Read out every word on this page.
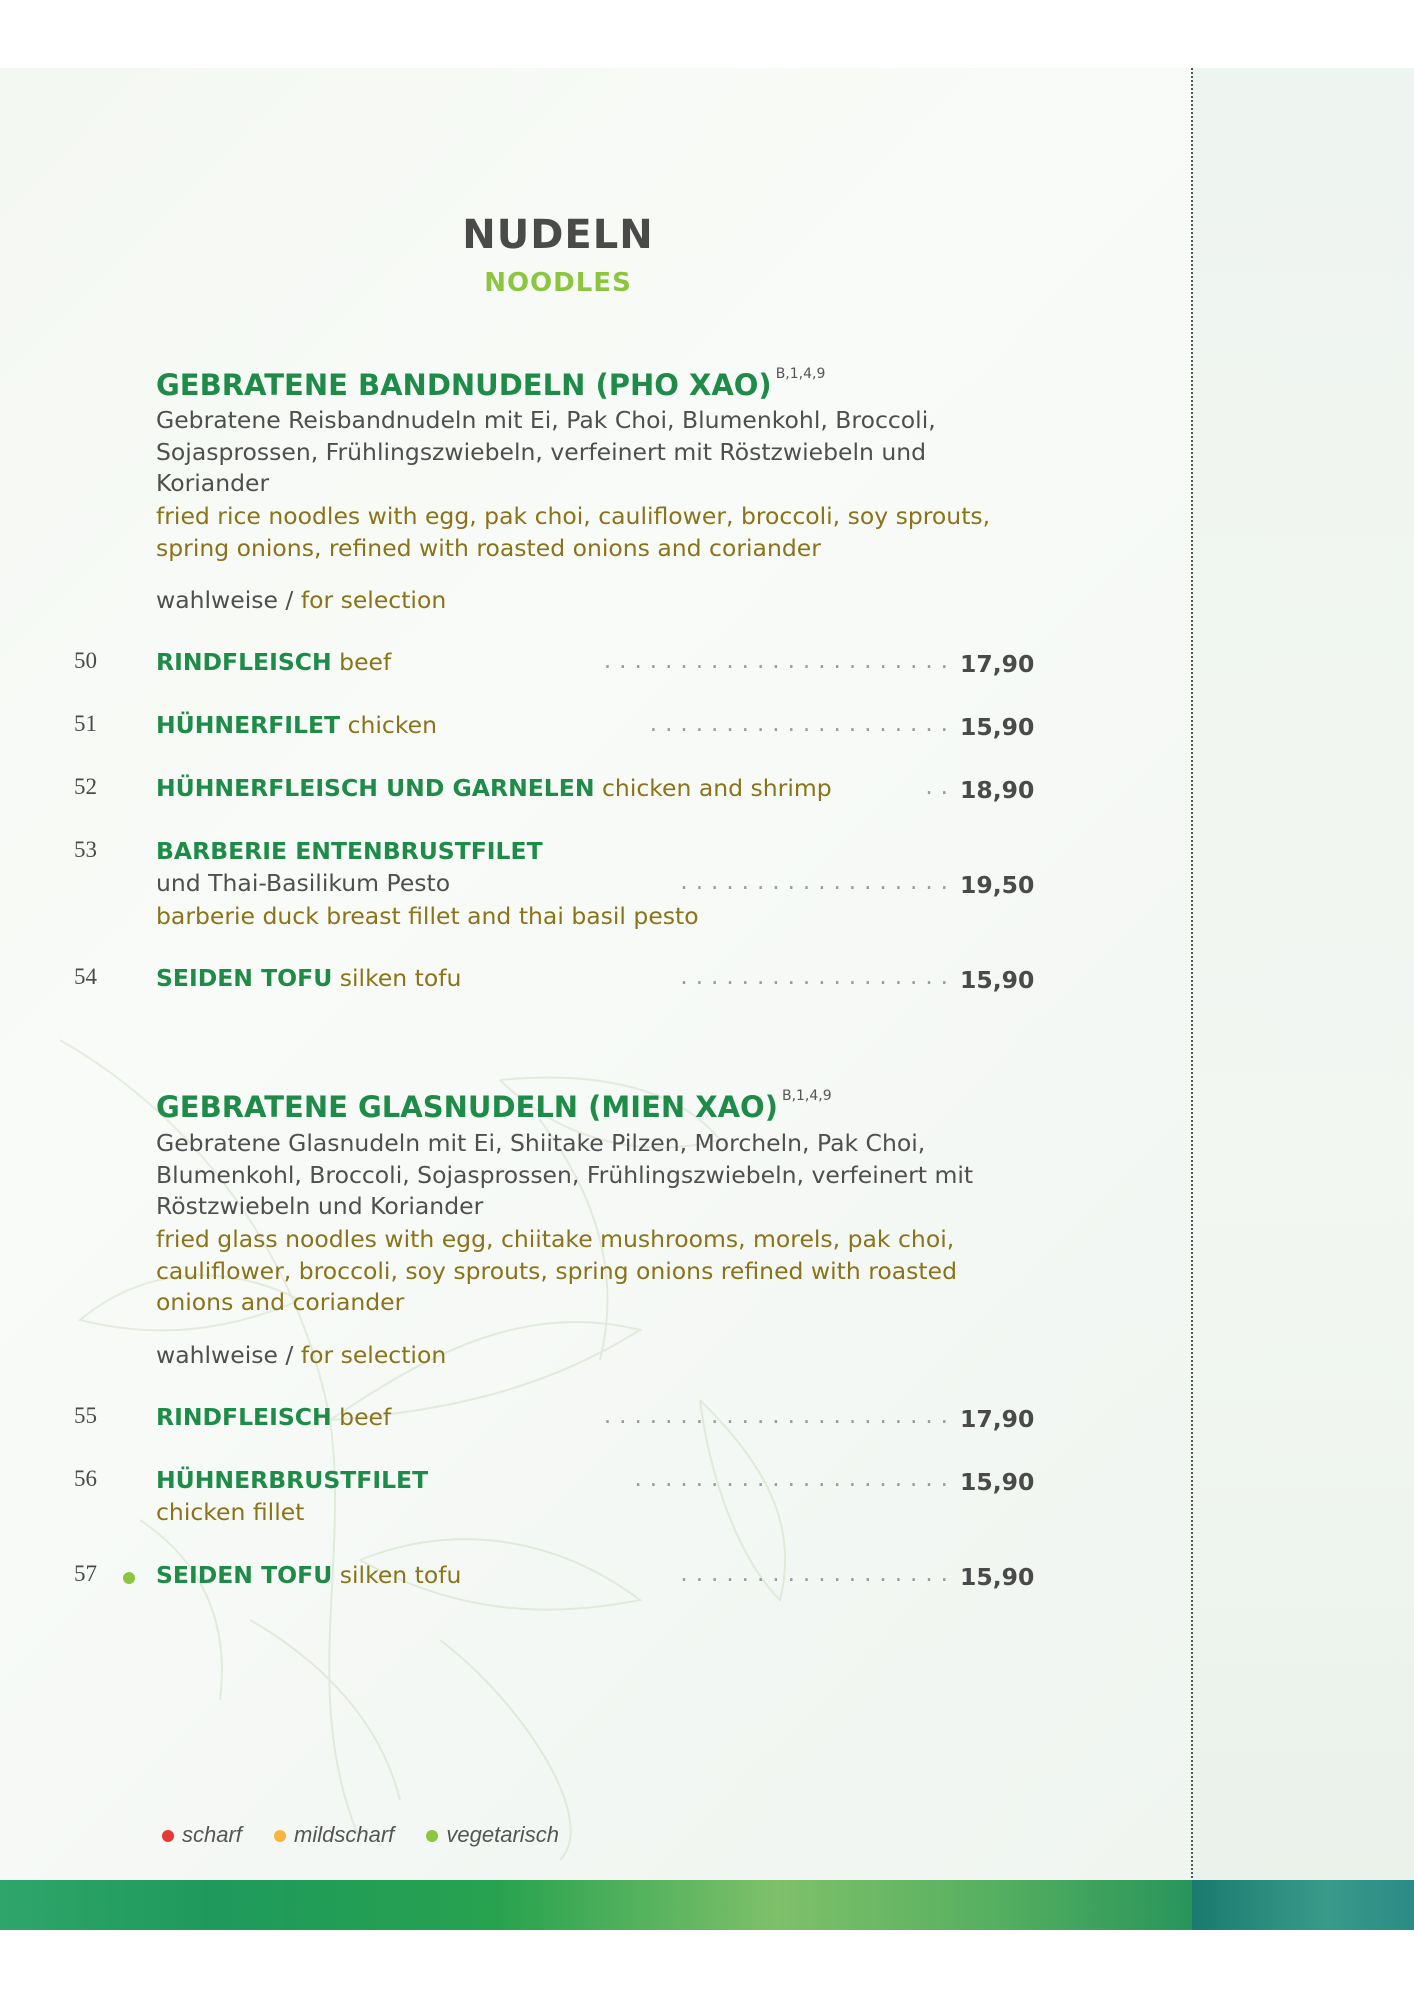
NUDELN
NOODLES
GEBRATENE BANDNUDELN (PHO XAO) $^{B,1,4,9}$
Gebratene Reisbandnudeln mit Ei, Pak Choi, Blumenkohl, Broccoli, Sojasprossen, Frühlingszwiebeln, verfeinert mit Röstzwiebeln und Koriander
fried rice noodles with egg, pak choi, cauliflower, broccoli, soy sprouts, spring onions, refined with roasted onions and coriander
wahlweise / for selection
50	RINDFLEISCH beef	....................... 17,90
51	HÜHNERFILET chicken	.................... 15,90
52	HÜHNERFLEISCH UND GARNELEN chicken and shrimp	.. 18,90
53	BARBERIE ENTENBRUSTFILET
und Thai-Basilikum Pesto	.................. 19,50
barberie duck breast fillet and thai basil pesto
54	SEIDEN TOFU silken tofu	.................. 15,90
GEBRATENE GLASNUDELN (MIEN XAO) $^{B,1,4,9}$
Gebratene Glasnudeln mit Ei, Shiitake Pilzen, Morcheln, Pak Choi, Blumenkohl, Broccoli, Sojasprossen, Frühlingszwiebeln, verfeinert mit Röstzwiebeln und Koriander
fried glass noodles with egg, chiitake mushrooms, morels, pak choi, cauliflower, broccoli, soy sprouts, spring onions refined with roasted onions and coriander
wahlweise / for selection
55	RINDFLEISCH beef	....................... 17,90
56	HÜHNERBRUSTFILET	..................... 15,90
chicken fillet
57	SEIDEN TOFU silken tofu	.................. 15,90
scharf mildscharf vegetarisch
